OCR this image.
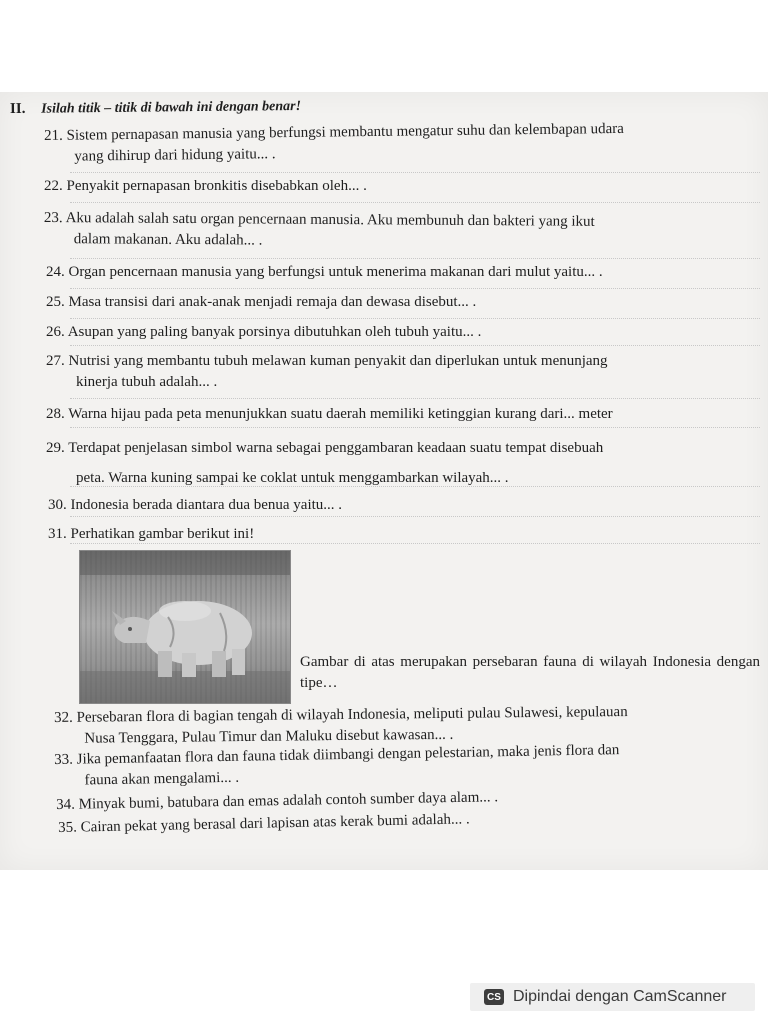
II. Isilah titik – titik di bawah ini dengan benar!
21. Sistem pernapasan manusia yang berfungsi membantu mengatur suhu dan kelembapan udara
yang dihirup dari hidung yaitu... .
22. Penyakit pernapasan bronkitis disebabkan oleh... .
23. Aku adalah salah satu organ pencernaan manusia. Aku membunuh dan bakteri yang ikut
dalam makanan. Aku adalah... .
24. Organ pencernaan manusia yang berfungsi untuk menerima makanan dari mulut yaitu... .
25. Masa transisi dari anak-anak menjadi remaja dan dewasa disebut... .
26. Asupan yang paling banyak porsinya dibutuhkan oleh tubuh yaitu... .
27. Nutrisi yang membantu tubuh melawan kuman penyakit dan diperlukan untuk menunjang
kinerja tubuh adalah... .
28. Warna hijau pada peta menunjukkan suatu daerah memiliki ketinggian kurang dari... meter
29. Terdapat penjelasan simbol warna sebagai penggambaran keadaan suatu tempat disebuah
peta. Warna kuning sampai ke coklat untuk menggambarkan wilayah... .
30. Indonesia berada diantara dua benua yaitu... .
31. Perhatikan gambar berikut ini!
Gambar di atas merupakan persebaran fauna di wilayah Indonesia dengan tipe…
32. Persebaran flora di bagian tengah di wilayah Indonesia, meliputi pulau Sulawesi, kepulauan
Nusa Tenggara, Pulau Timur dan Maluku disebut kawasan... .
33. Jika pemanfaatan flora dan fauna tidak diimbangi dengan pelestarian, maka jenis flora dan
fauna akan mengalami... .
34. Minyak bumi, batubara dan emas adalah contoh sumber daya alam... .
35. Cairan pekat yang berasal dari lapisan atas kerak bumi adalah... .
CS Dipindai dengan CamScanner
